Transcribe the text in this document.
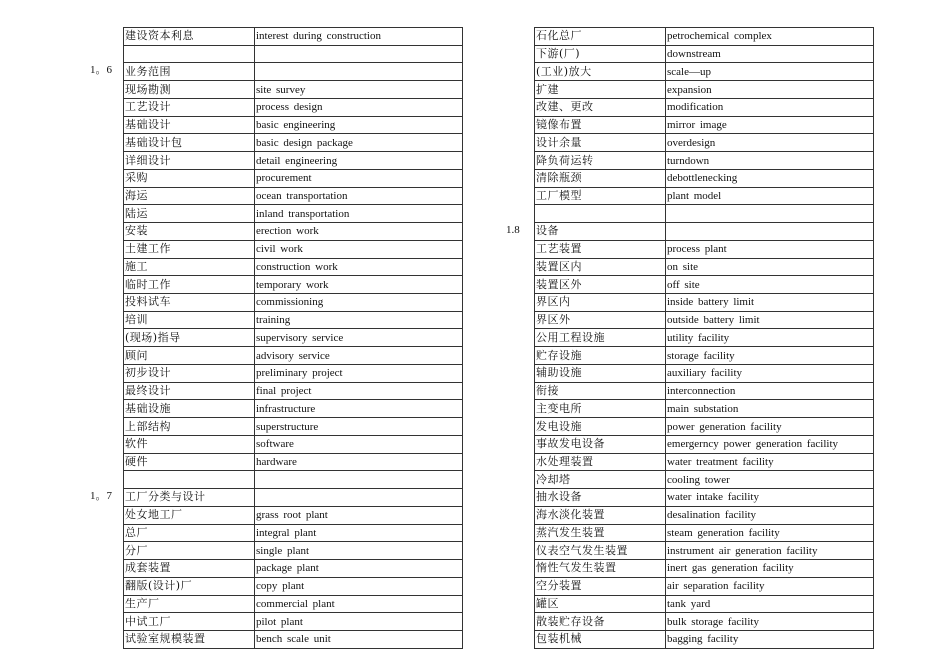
1。6
1。7
建设资本利息	interest during construction

业务范围	
现场勘测	site survey
工艺设计	process design
基础设计	basic engineering
基础设计包	basic design package
详细设计	detail engineering
采购	procurement
海运	ocean transportation
陆运	inland transportation
安装	erection work
土建工作	civil work
施工	construction work
临时工作	temporary work
投料试车	commissioning
培训	training
(现场)指导	supervisory service
顾问	advisory service
初步设计	preliminary project
最终设计	final project
基础设施	infrastructure
上部结构	superstructure
软件	software
硬件	hardware

工厂分类与设计	
处女地工厂	grass root plant
总厂	integral plant
分厂	single plant
成套装置	package plant
翻版(设计)厂	copy plant
生产厂	commercial plant
中试工厂	pilot plant
试验室规模装置	bench scale unit
1.8
石化总厂	petrochemical complex
下游(厂)	downstream
(工业)放大	scale—up
扩建	expansion
改建、更改	modification
镜像布置	mirror image
设计余量	overdesign
降负荷运转	turndown
清除瓶颈	debottlenecking
工厂模型	plant model

设备	
工艺装置	process plant
装置区内	on site
装置区外	off site
界区内	inside battery limit
界区外	outside battery limit
公用工程设施	utility facility
贮存设施	storage facility
辅助设施	auxiliary facility
衔接	interconnection
主变电所	main substation
发电设施	power generation facility
事故发电设备	emergerncy power generation facility
水处理装置	water treatment facility
冷却塔	cooling tower
抽水设备	water intake facility
海水淡化装置	desalination facility
蒸汽发生装置	steam generation facility
仪表空气发生装置	instrument air generation facility
惰性气发生装置	inert gas generation facility
空分装置	air separation facility
罐区	tank yard
散装贮存设备	bulk storage facility
包装机械	bagging facility
